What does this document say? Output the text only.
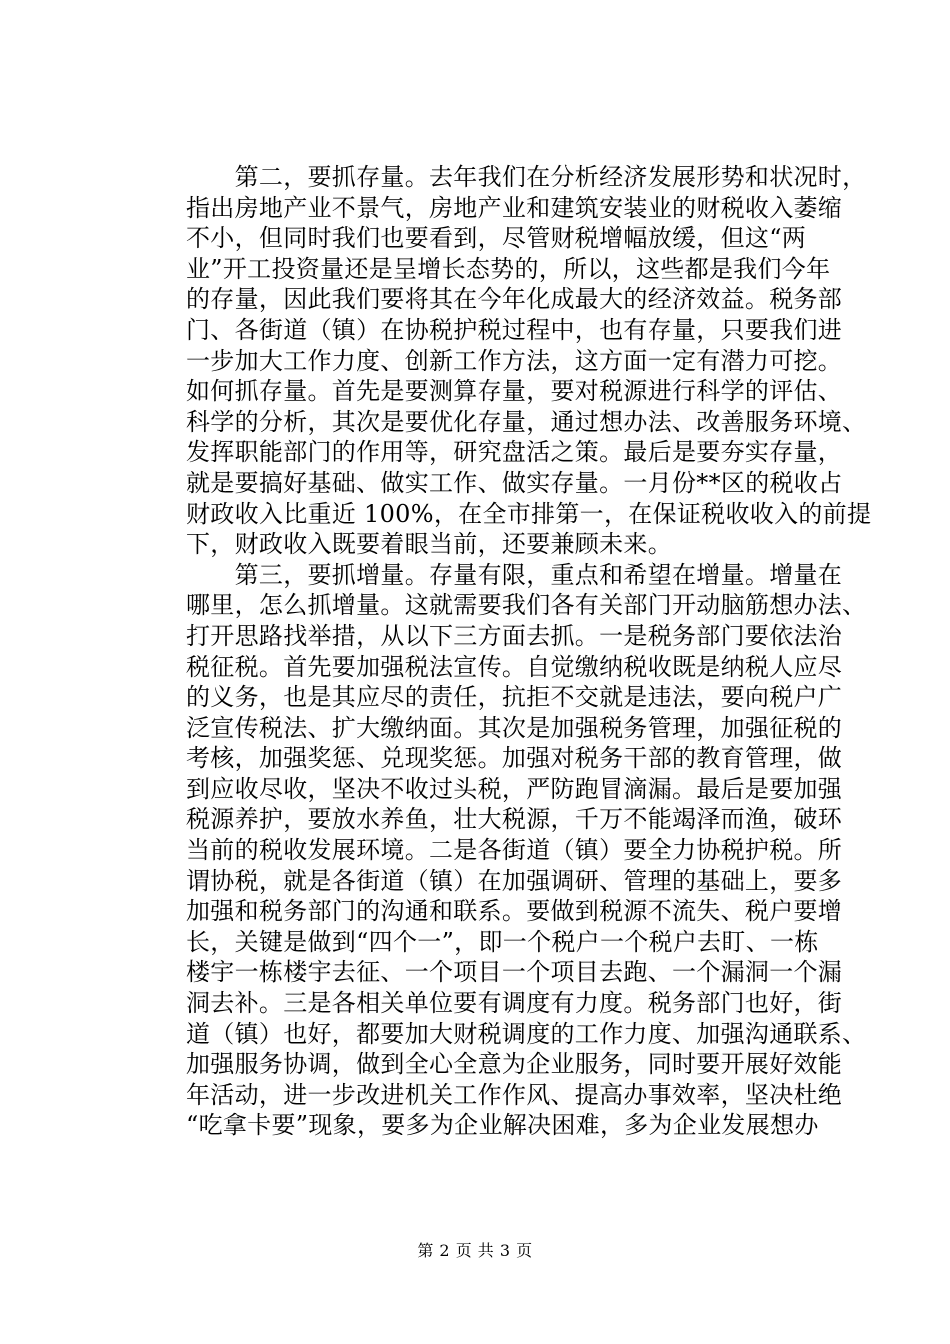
　　第二，要抓存量。去年我们在分析经济发展形势和状况时，
指出房地产业不景气，房地产业和建筑安装业的财税收入萎缩
不小，但同时我们也要看到，尽管财税增幅放缓，但这“两
业”开工投资量还是呈增长态势的，所以，这些都是我们今年
的存量，因此我们要将其在今年化成最大的经济效益。税务部
门、各街道（镇）在协税护税过程中，也有存量，只要我们进
一步加大工作力度、创新工作方法，这方面一定有潜力可挖。
如何抓存量。首先是要测算存量，要对税源进行科学的评估、
科学的分析，其次是要优化存量，通过想办法、改善服务环境、
发挥职能部门的作用等，研究盘活之策。最后是要夯实存量，
就是要搞好基础、做实工作、做实存量。一月份**区的税收占
财政收入比重近 100%，在全市排第一，在保证税收收入的前提
下，财政收入既要着眼当前，还要兼顾未来。
　　第三，要抓增量。存量有限，重点和希望在增量。增量在
哪里，怎么抓增量。这就需要我们各有关部门开动脑筋想办法、
打开思路找举措，从以下三方面去抓。一是税务部门要依法治
税征税。首先要加强税法宣传。自觉缴纳税收既是纳税人应尽
的义务，也是其应尽的责任，抗拒不交就是违法，要向税户广
泛宣传税法、扩大缴纳面。其次是加强税务管理，加强征税的
考核，加强奖惩、兑现奖惩。加强对税务干部的教育管理，做
到应收尽收，坚决不收过头税，严防跑冒滴漏。最后是要加强
税源养护，要放水养鱼，壮大税源，千万不能竭泽而渔，破环
当前的税收发展环境。二是各街道（镇）要全力协税护税。所
谓协税，就是各街道（镇）在加强调研、管理的基础上，要多
加强和税务部门的沟通和联系。要做到税源不流失、税户要增
长，关键是做到“四个一”，即一个税户一个税户去盯、一栋
楼宇一栋楼宇去征、一个项目一个项目去跑、一个漏洞一个漏
洞去补。三是各相关单位要有调度有力度。税务部门也好，街
道（镇）也好，都要加大财税调度的工作力度、加强沟通联系、
加强服务协调，做到全心全意为企业服务，同时要开展好效能
年活动，进一步改进机关工作作风、提高办事效率，坚决杜绝
“吃拿卡要”现象，要多为企业解决困难，多为企业发展想办
第 2 页 共 3 页
